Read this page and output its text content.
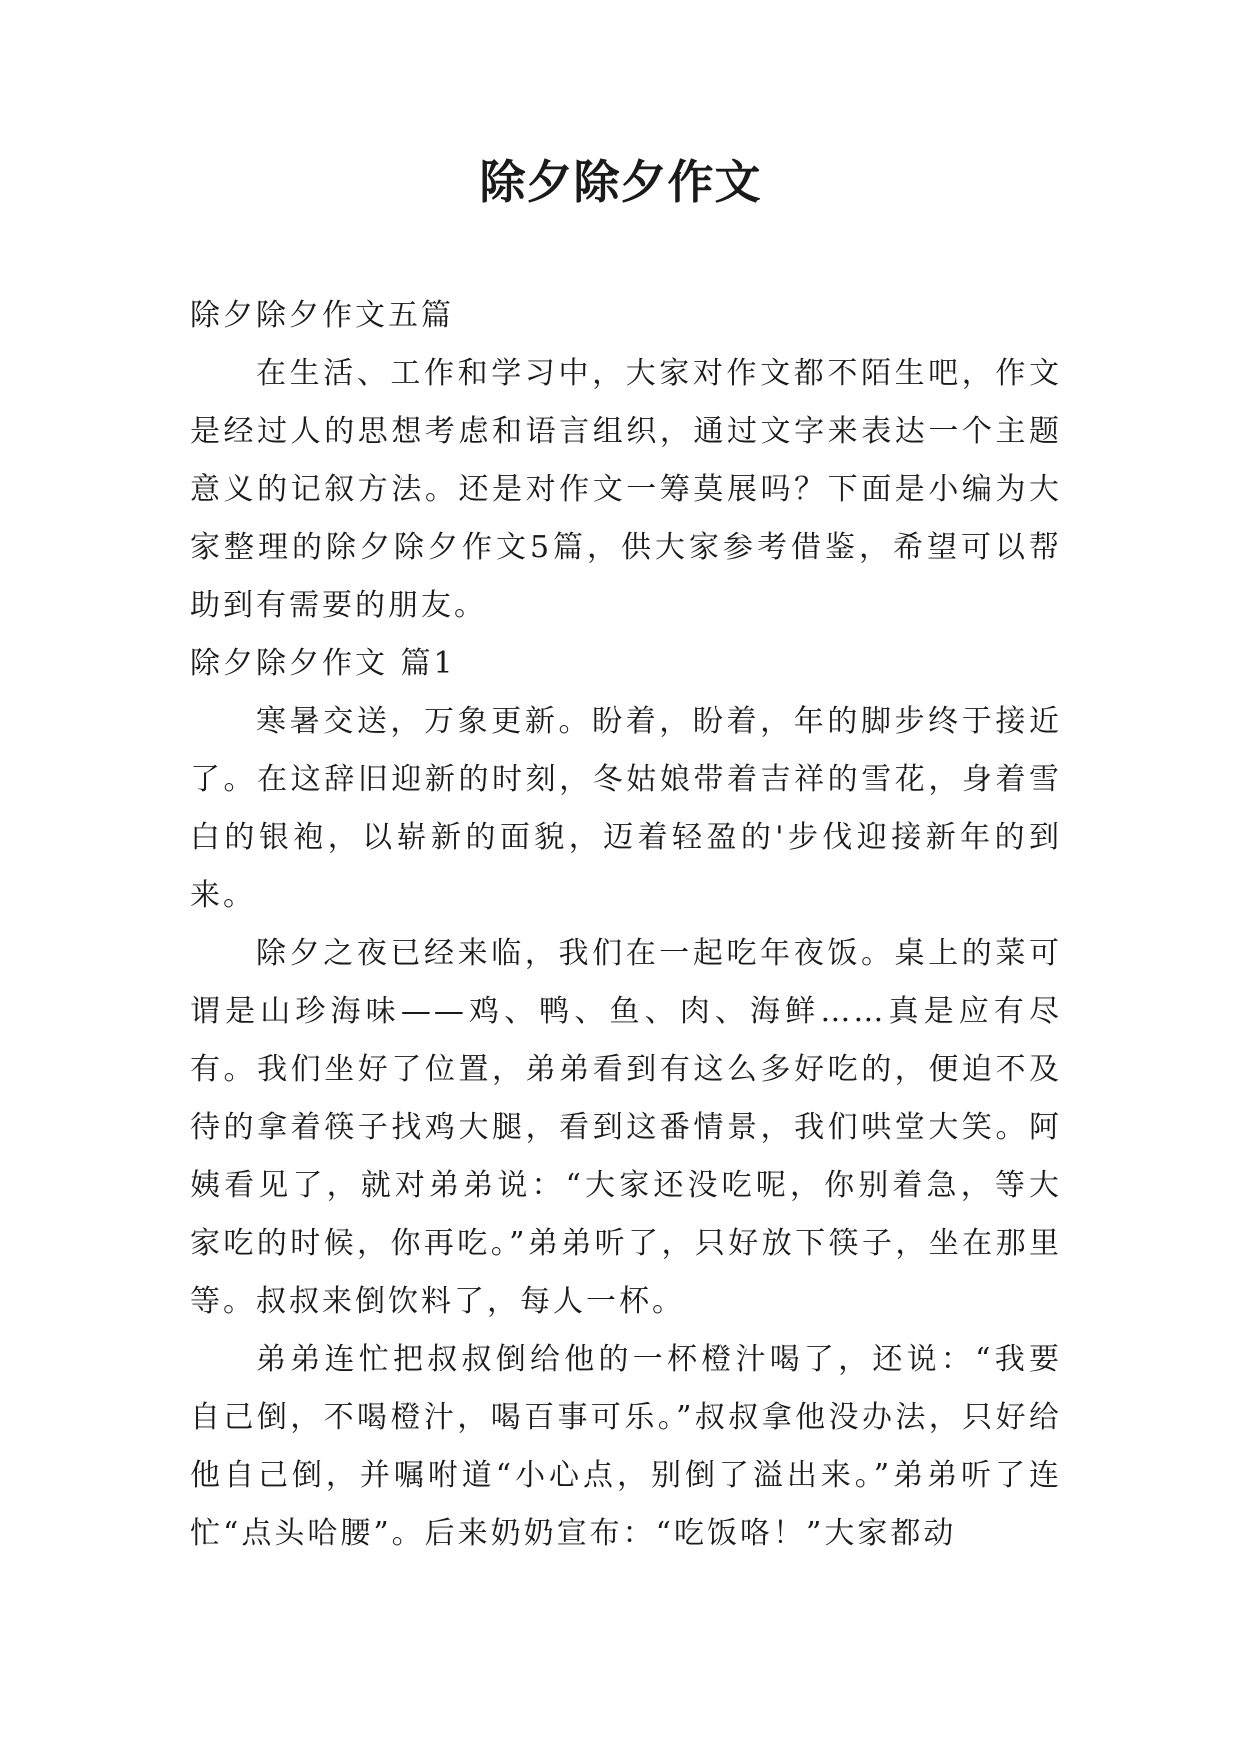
除夕除夕作文

除夕除夕作文五篇

在生活、工作和学习中，大家对作文都不陌生吧，作文是经过人的思想考虑和语言组织，通过文字来表达一个主题意义的记叙方法。还是对作文一筹莫展吗？下面是小编为大家整理的除夕除夕作文5篇，供大家参考借鉴，希望可以帮助到有需要的朋友。

除夕除夕作文 篇1

寒暑交送，万象更新。盼着，盼着，年的脚步终于接近了。在这辞旧迎新的时刻，冬姑娘带着吉祥的雪花，身着雪白的银袍，以崭新的面貌，迈着轻盈的'步伐迎接新年的到来。

除夕之夜已经来临，我们在一起吃年夜饭。桌上的菜可谓是山珍海味——鸡、鸭、鱼、肉、海鲜……真是应有尽有。我们坐好了位置，弟弟看到有这么多好吃的，便迫不及待的拿着筷子找鸡大腿，看到这番情景，我们哄堂大笑。阿姨看见了，就对弟弟说：“大家还没吃呢，你别着急，等大家吃的时候，你再吃。”弟弟听了，只好放下筷子，坐在那里等。叔叔来倒饮料了，每人一杯。

弟弟连忙把叔叔倒给他的一杯橙汁喝了，还说：“我要自己倒，不喝橙汁，喝百事可乐。”叔叔拿他没办法，只好给他自己倒，并嘱咐道“小心点，别倒了溢出来。”弟弟听了连忙“点头哈腰”。后来奶奶宣布：“吃饭咯！”大家都动
